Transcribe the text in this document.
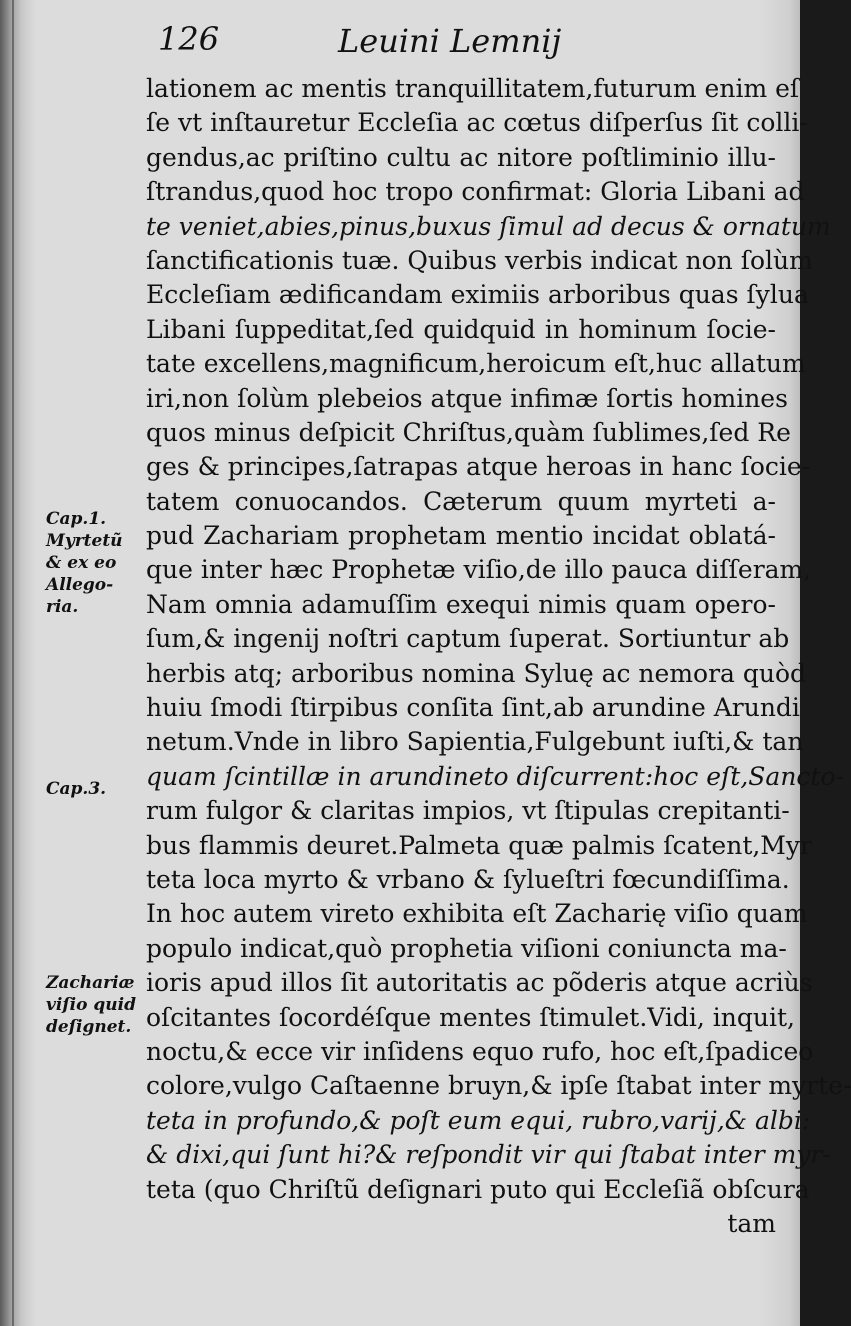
126	Leuini Lemnij
Cap.1.
Myrtetũ
& ex eo
Allego-
ria.
Cap.3.
Zachariæ
viſio quid
deſignet.
lationem ac mentis tranquillitatem,futurum enim eſ
ſe vt inſtauretur Eccleſia ac cœtus diſperſus ſit colli-
gendus,ac priſtino cultu ac nitore poſtliminio illu-
ſtrandus,quod hoc tropo confirmat: Gloria Libani ad
te veniet,abies,pinus,buxus ſimul ad decus & ornatum
ſanctificationis tuæ. Quibus verbis indicat non ſolùm
Eccleſiam ædificandam eximiis arboribus quas ſylua
Libani ſuppeditat,ſed quidquid in hominum ſocie-
tate excellens,magnificum,heroicum eſt,huc allatum
iri,non ſolùm plebeios atque infimæ ſortis homines
quos minus deſpicit Chriſtus,quàm ſublimes,ſed Re
ges & principes,ſatrapas atque heroas in hanc ſocie-
tatem conuocandos. Cæterum quum myrteti a-
pud Zachariam prophetam mentio incidat oblatá-
que inter hæc Prophetæ viſio,de illo pauca diſſeram,
Nam omnia adamuſſim exequi nimis quam opero-
ſum,& ingenij noſtri captum ſuperat. Sortiuntur ab
herbis atq; arboribus nomina Syluę ac nemora quòd
huiu ſmodi ſtirpibus conſita ſint,ab arundine Arundi
netum.Vnde in libro Sapientia,Fulgebunt iuſti,& tan
quam ſcintillæ in arundineto diſcurrent:hoc eſt,Sancto-
rum fulgor & claritas impios, vt ſtipulas crepitanti-
bus flammis deuret.Palmeta quæ palmis ſcatent,Myr
teta loca myrto & vrbano & ſylueſtri fœcundiſſima.
In hoc autem vireto exhibita eſt Zacharię viſio quam
populo indicat,quò prophetia viſioni coniuncta ma-
ioris apud illos ſit autoritatis ac põderis atque acriùs
oſcitantes ſocordéſque mentes ſtimulet.Vidi, inquit,
noctu,& ecce vir inſidens equo rufo, hoc eſt,ſpadiceo
colore,vulgo Caſtaenne bruyn,& ipſe ſtabat inter myrte-
teta in profundo,& poſt eum equi, rubro,varij,& albi:
& dixi,qui ſunt hi?& reſpondit vir qui ſtabat inter myr-
teta (quo Chriſtũ deſignari puto qui Eccleſiã obſcura
tam
